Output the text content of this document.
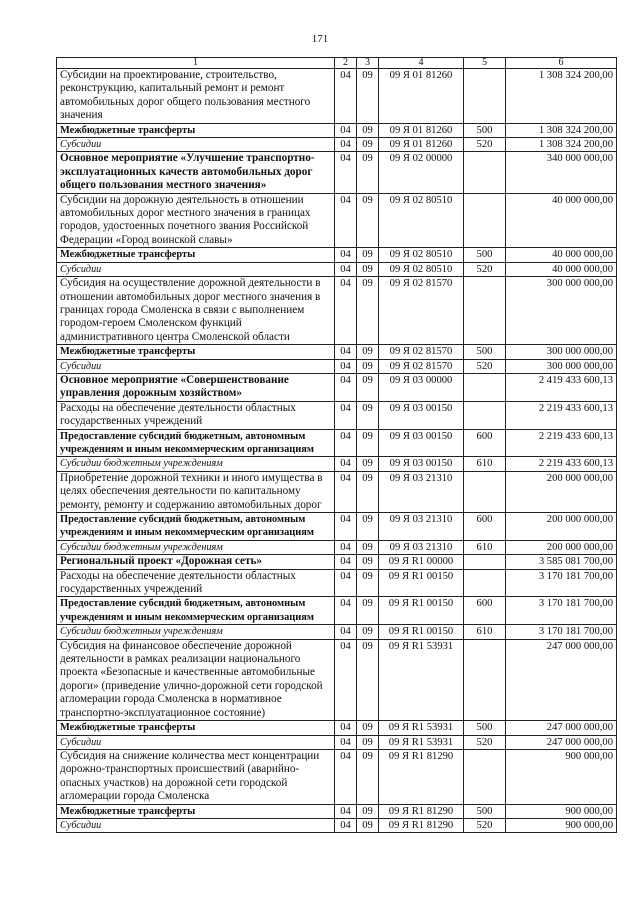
171
1	2	3	4	5	6
Субсидии на проектирование, строительство, реконструкцию, капитальный ремонт и ремонт автомобильных дорог общего пользования местного значения	04	09	09 Я 01 81260		1 308 324 200,00
Межбюджетные трансферты	04	09	09 Я 01 81260	500	1 308 324 200,00
Субсидии	04	09	09 Я 01 81260	520	1 308 324 200,00
Основное мероприятие «Улучшение транспортно-эксплуатационных качеств автомобильных дорог общего пользования местного значения»	04	09	09 Я 02 00000		340 000 000,00
Субсидии на дорожную деятельность в отношении автомобильных дорог местного значения в границах городов, удостоенных почетного звания Российской Федерации «Город воинской славы»	04	09	09 Я 02 80510		40 000 000,00
Межбюджетные трансферты	04	09	09 Я 02 80510	500	40 000 000,00
Субсидии	04	09	09 Я 02 80510	520	40 000 000,00
Субсидия на осуществление дорожной деятельности в отношении автомобильных дорог местного значения в границах города Смоленска в связи с выполнением городом-героем Смоленском функций административного центра Смоленской области	04	09	09 Я 02 81570		300 000 000,00
Межбюджетные трансферты	04	09	09 Я 02 81570	500	300 000 000,00
Субсидии	04	09	09 Я 02 81570	520	300 000 000,00
Основное мероприятие «Совершенствование управления дорожным хозяйством»	04	09	09 Я 03 00000		2 419 433 600,13
Расходы на обеспечение деятельности областных государственных учреждений	04	09	09 Я 03 00150		2 219 433 600,13
Предоставление субсидий бюджетным, автономным учреждениям и иным некоммерческим организациям	04	09	09 Я 03 00150	600	2 219 433 600,13
Субсидии бюджетным учреждениям	04	09	09 Я 03 00150	610	2 219 433 600,13
Приобретение дорожной техники и иного имущества в целях обеспечения деятельности по капитальному ремонту, ремонту и содержанию автомобильных дорог	04	09	09 Я 03 21310		200 000 000,00
Предоставление субсидий бюджетным, автономным учреждениям и иным некоммерческим организациям	04	09	09 Я 03 21310	600	200 000 000,00
Субсидии бюджетным учреждениям	04	09	09 Я 03 21310	610	200 000 000,00
Региональный проект «Дорожная сеть»	04	09	09 Я R1 00000		3 585 081 700,00
Расходы на обеспечение деятельности областных государственных учреждений	04	09	09 Я R1 00150		3 170 181 700,00
Предоставление субсидий бюджетным, автономным учреждениям и иным некоммерческим организациям	04	09	09 Я R1 00150	600	3 170 181 700,00
Субсидии бюджетным учреждениям	04	09	09 Я R1 00150	610	3 170 181 700,00
Субсидия на финансовое обеспечение дорожной деятельности в рамках реализации национального проекта «Безопасные и качественные автомобильные дороги» (приведение улично-дорожной сети городской агломерации города Смоленска в нормативное транспортно-эксплуатационное состояние)	04	09	09 Я R1 53931		247 000 000,00
Межбюджетные трансферты	04	09	09 Я R1 53931	500	247 000 000,00
Субсидии	04	09	09 Я R1 53931	520	247 000 000,00
Субсидия на снижение количества мест концентрации дорожно-транспортных происшествий (аварийно-опасных участков) на дорожной сети городской агломерации города Смоленска	04	09	09 Я R1 81290		900 000,00
Межбюджетные трансферты	04	09	09 Я R1 81290	500	900 000,00
Субсидии	04	09	09 Я R1 81290	520	900 000,00
